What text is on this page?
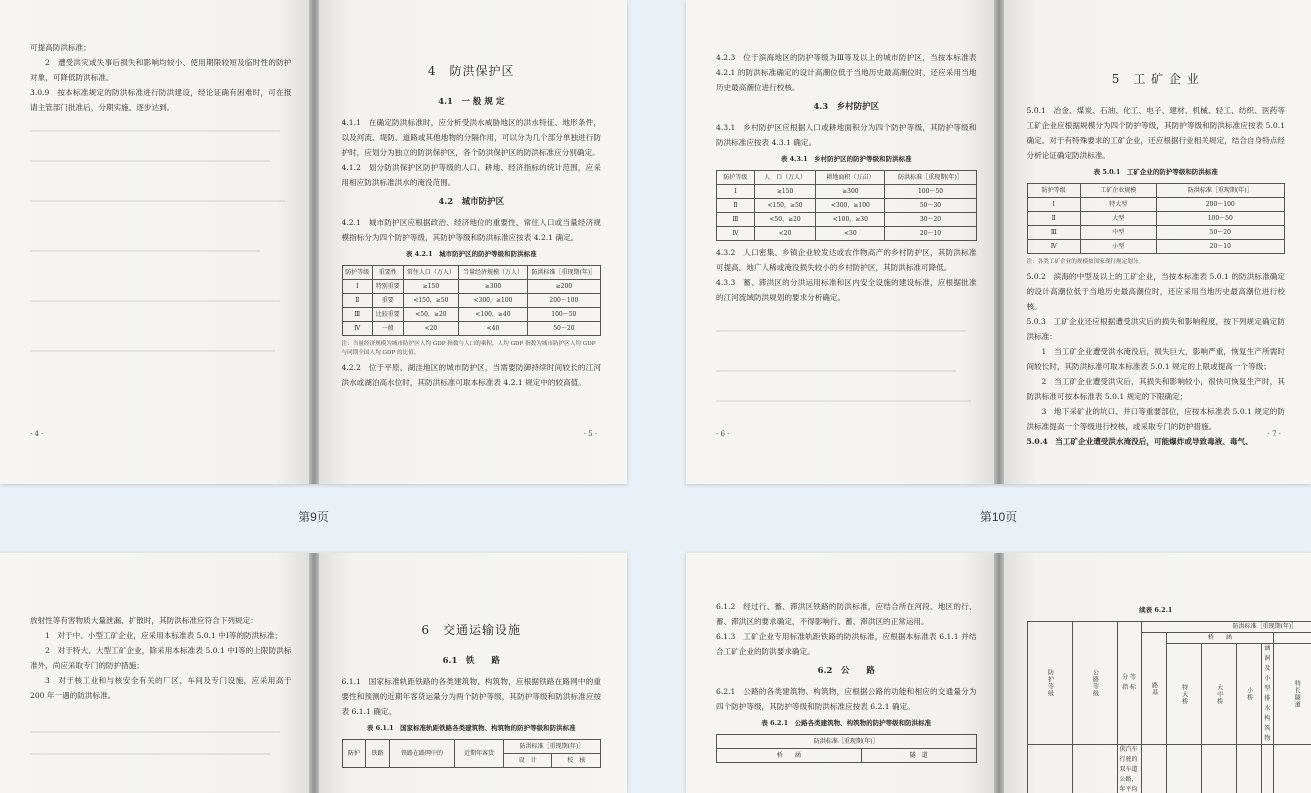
可提高防洪标准；

2　遭受洪灾或失事后损失和影响均较小、使用期限较短及临时性的防护对象，可降低防洪标准。

3.0.9　按本标准规定的防洪标准进行防洪建设，经论证确有困难时，可在报请主管部门批准后，分期实施、逐步达到。

· 4 ·
4　防洪保护区
4.1　一 般 规 定

4.1.1　在确定防洪标准时，应分析受洪水威胁地区的洪水特征、地形条件，以及河流、堤防、道路或其他地物的分隔作用，可以分为几个部分单独进行防护时，应划分为独立的防洪保护区，各个防洪保护区的防洪标准应分别确定。

4.1.2　划分防洪保护区防护等级的人口、耕地、经济指标的统计范围，应采用相应防洪标准洪水的淹没范围。

4.2　城市防护区

4.2.1　城市防护区应根据政治、经济地位的重要性、常住人口或当量经济规模指标分为四个防护等级，其防护等级和防洪标准应按表 4.2.1 确定。

表 4.2.1　城市防护区的防护等级和防洪标准
防护等级	重要性	常住人口（万人）	当量经济规模（万人）	防洪标准［重现期(年)］
Ⅰ	特别重要	≥150	≥300	≥200
Ⅱ	重要	<150，≥50	<300，≥100	200～100
Ⅲ	比较重要	<50，≥20	<100，≥40	100～50
Ⅳ	一般	<20	<40	50～20
注：当量经济规模为城市防护区人均 GDP 指数与人口的乘积，人均 GDP 指数为城市防护区人均 GDP 与同期全国人均 GDP 的比值。

4.2.2　位于平原、湖洼地区的城市防护区，当需要防御持续时间较长的江河洪水或湖泊高水位时，其防洪标准可取本标准表 4.2.1 规定中的较高值。

· 5 ·
第9页

4.2.3　位于滨海地区的防护等级为Ⅲ等及以上的城市防护区，当按本标准表 4.2.1 的防洪标准确定的设计高潮位低于当地历史最高潮位时，还应采用当地历史最高潮位进行校核。

4.3　乡村防护区

4.3.1　乡村防护区应根据人口或耕地面积分为四个防护等级，其防护等级和防洪标准应按表 4.3.1 确定。

表 4.3.1　乡村防护区的防护等级和防洪标准
防护等级	人　口（万人）	耕地面积（万亩）	防洪标准［重现期(年)］
Ⅰ	≥150	≥300	100～50
Ⅱ	<150，≥50	<300，≥100	50～30
Ⅲ	<50，≥20	<100，≥30	30～20
Ⅳ	<20	<30	20～10

4.3.2　人口密集、乡镇企业较发达或农作物高产的乡村防护区，其防洪标准可提高。地广人稀或淹没损失较小的乡村防护区，其防洪标准可降低。

4.3.3　蓄、滞洪区的分洪运用标准和区内安全设施的建设标准，应根据批准的江河流域防洪规划的要求分析确定。

· 6 ·
5　工 矿 企 业

5.0.1　冶金、煤炭、石油、化工、电子、建材、机械、轻工、纺织、医药等工矿企业应根据规模分为四个防护等级，其防护等级和防洪标准应按表 5.0.1 确定。对于有特殊要求的工矿企业，还应根据行业相关规定，结合自身特点经分析论证确定防洪标准。

表 5.0.1　工矿企业的防护等级和防洪标准
防护等级	工矿企业规模	防洪标准［重现期(年)］
Ⅰ	特大型	200～100
Ⅱ	大型	100～50
Ⅲ	中型	50～20
Ⅳ	小型	20～10
注：各类工矿企业的规模按国家现行规定划分。

5.0.2　滨海的中型及以上的工矿企业，当按本标准表 5.0.1 的防洪标准确定的设计高潮位低于当地历史最高潮位时，还应采用当地历史最高潮位进行校核。

5.0.3　工矿企业还应根据遭受洪灾后的损失和影响程度，按下列规定确定防洪标准：

1　当工矿企业遭受洪水淹没后，损失巨大，影响严重，恢复生产所需时间较长时，其防洪标准可取本标准表 5.0.1 规定的上限或提高一个等级；

2　当工矿企业遭受洪灾后，其损失和影响较小，很快可恢复生产时，其防洪标准可按本标准表 5.0.1 规定的下限确定；

3　地下采矿业的坑口、井口等重要部位，应按本标准表 5.0.1 规定的防洪标准提高一个等级进行校核，或采取专门的防护措施。

5.0.4　当工矿企业遭受洪水淹没后，可能爆炸或导致毒液、毒气、

· 7 ·
第10页

放射性等有害物质大量泄漏、扩散时，其防洪标准应符合下列规定：

1　对于中、小型工矿企业，应采用本标准表 5.0.1 中Ⅰ等的防洪标准；

2　对于特大、大型工矿企业，除采用本标准表 5.0.1 中Ⅰ等的上限防洪标准外，尚应采取专门的防护措施；

3　对于核工业和与核安全有关的厂区、车间及专门设施，应采用高于 200 年一遇的防洪标准。

6　交通运输设施
6.1　铁　　路

6.1.1　国家标准轨距铁路的各类建筑物、构筑物，应根据铁路在路网中的重要性和预测的近期年客货运量分为两个防护等级，其防护等级和防洪标准应按表 6.1.1 确定。

表 6.1.1　国家标准轨距铁路各类建筑物、构筑物的防护等级和防洪标准
防护	铁路	铁路在路网中的	近期年客货	防洪标准［重现期(年)］	
				设　计	校　核

6.1.2　经过行、蓄、滞洪区铁路的防洪标准，应结合所在河段、地区的行、蓄、滞洪区的要求确定，不得影响行、蓄、滞洪区的正常运用。

6.1.3　工矿企业专用标准轨距铁路的防洪标准，应根据本标准表 6.1.1 并结合工矿企业的防洪要求确定。

6.2　公　　路

6.2.1　公路的各类建筑物、构筑物，应根据公路的功能和相应的交通量分为四个防护等级，其防护等级和防洪标准应按表 6.2.1 确定。

表 6.2.1　公路各类建筑物、构筑物的防护等级和防洪标准
防洪标准［重现期(年)］
桥　　涵	隧　道
续表 6.2.1
防护等级	公路等级	分 等 指 标	防洪标准［重现期(年)］							
			路基	桥　　涵	
				特大桥	大中桥	小桥	涵洞及小型排水构筑物	特长隧道		
		供汽车行驶的双车道公路，年平均								
